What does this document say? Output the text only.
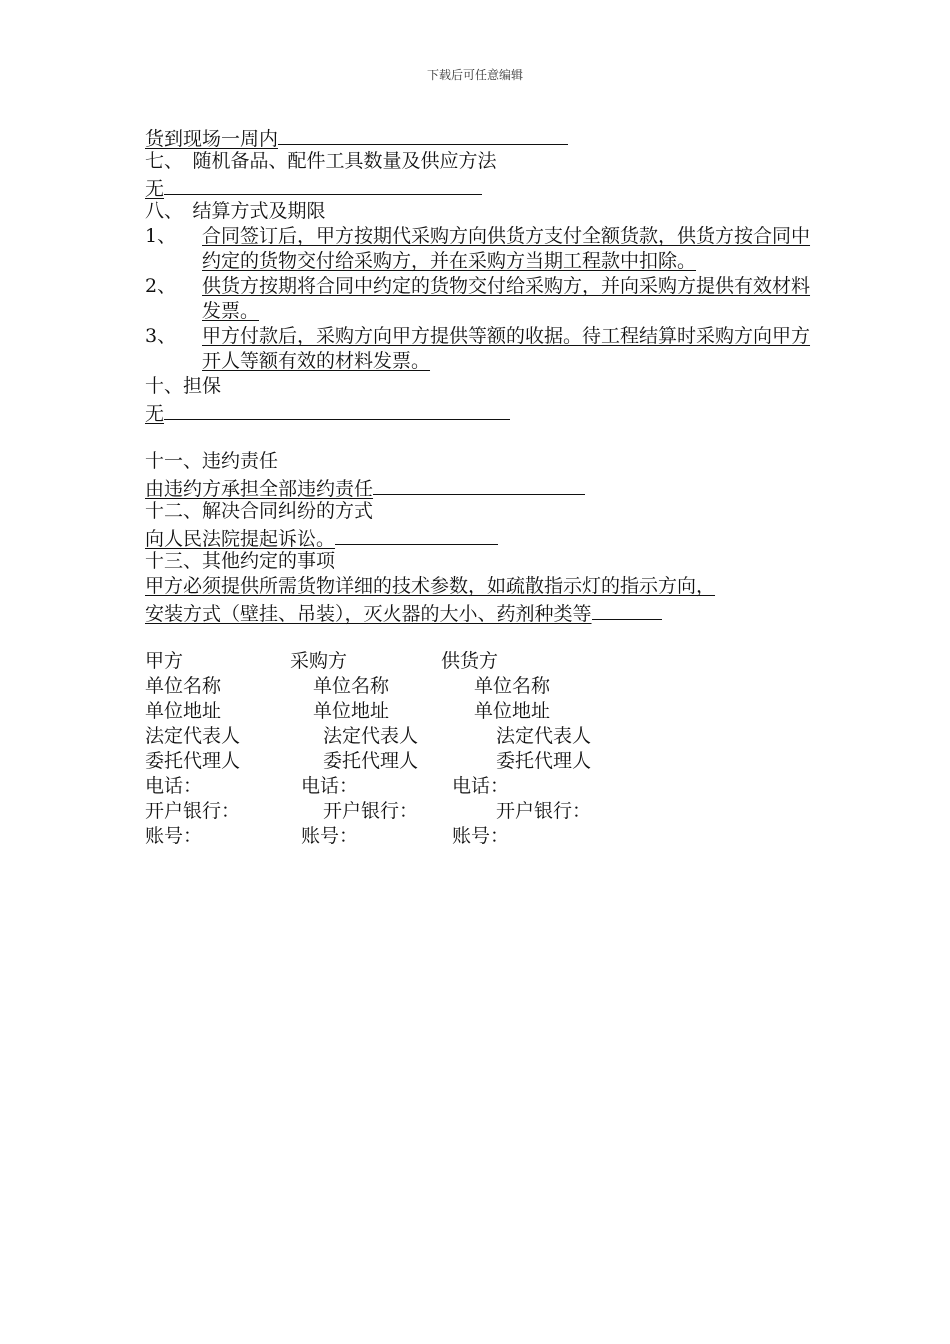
下载后可任意编辑
货到现场一周内
七、　随机备品、配件工具数量及供应方法
无
八、　结算方式及期限
1、	合同签订后，甲方按期代采购方向供货方支付全额货款，供货方按合同中约定的货物交付给采购方，并在采购方当期工程款中扣除。
2、	供货方按期将合同中约定的货物交付给采购方，并向采购方提供有效材料发票。
3、	甲方付款后，采购方向甲方提供等额的收据。待工程结算时采购方向甲方开人等额有效的材料发票。
十、担保
无
十一、违约责任
由违约方承担全部违约责任
十二、解决合同纠纷的方式
向人民法院提起诉讼。
十三、其他约定的事项
甲方必须提供所需货物详细的技术参数，如疏散指示灯的指示方向，
安装方式（壁挂、吊装），灭火器的大小、药剂种类等
甲方	采购方	供货方
单位名称	单位名称	单位名称
单位地址	单位地址	单位地址
法定代表人	法定代表人	法定代表人
委托代理人	委托代理人	委托代理人
电话：	电话：	电话：
开户银行：	开户银行：	开户银行：
账号：	账号：	账号：
